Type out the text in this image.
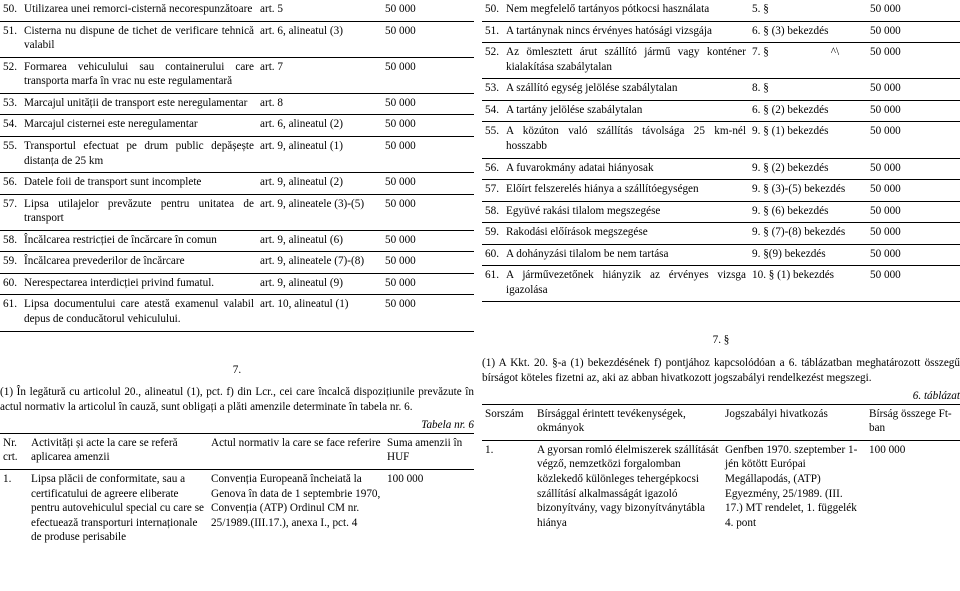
50. Utilizarea unei remorci-cisternă necorespunzătoare	art. 5	50 000

51. Cisterna nu dispune de tichet de verificare tehnică valabil	art. 6, alineatul (3)	50 000

52. Formarea vehiculului sau containerului care transporta marfa în vrac nu este regulamentară	art. 7	50 000

53. Marcajul unității de transport este neregulamentar	art. 8	50 000

54. Marcajul cisternei este neregulamentar	art. 6, alineatul (2)	50 000

55. Transportul efectuat pe drum public depășește distanța de 25 km	art. 9, alineatul (1)	50 000

56. Datele foii de transport sunt incomplete	art. 9, alineatul (2)	50 000

57. Lipsa utilajelor prevăzute pentru unitatea de transport	art. 9, alineatele (3)-(5)	50 000

58. Încălcarea restricției de încărcare în comun	art. 9, alineatul (6)	50 000

59. Încălcarea prevederilor de încărcare	art. 9, alineatele (7)-(8)	50 000

60. Nerespectarea interdicției privind fumatul.	art. 9, alineatul (9)	50 000

61. Lipsa documentului care atestă examenul valabil depus de conducătorul vehiculului.	art. 10, alineatul (1)	50 000
7.
(1) În legătură cu articolul 20., alineatul (1), pct. f) din Lcr., cei care încalcă dispozițiunile prevăzute în actul normativ la articolul în cauză, sunt obligați a plăti amenzile determinate în tabela nr. 6.
Tabela nr. 6
Nr. crt.	Activități și acte la care se referă aplicarea amenzii	Actul normativ la care se face referire	Suma amenzii în HUF
1.	Lipsa plăcii de conformitate, sau a certificatului de agreere eliberate pentru autovehiculul special cu care se efectuează transporturi internaționale de produse perisabile	Convenția Europeană încheiată la Genova în data de 1 septembrie 1970, Convenția (ATP) Ordinul CM nr. 25/1989.(III.17.), anexa I., pct. 4	100 000
50. Nem megfelelő tartányos pótkocsi használata	5. §	50 000

51. A tartánynak nincs érvényes hatósági vizsgája	6. § (3) bekezdés	50 000

52. Az ömlesztett árut szállító jármű vagy konténer kialakítása szabálytalan	7. § ^\	50 000

53. A szállító egység jelölése szabálytalan	8. §	50 000

54. A tartány jelölése szabálytalan	6. § (2) bekezdés	50 000

55. A közúton való szállítás távolsága 25 km-nél hosszabb	9. § (1) bekezdés	50 000

56. A fuvarokmány adatai hiányosak	9. § (2) bekezdés	50 000

57. Előírt felszerelés hiánya a szállítóegységen	9. § (3)-(5) bekezdés	50 000

58. Együvé rakási tilalom megszegése	9. § (6) bekezdés	50 000

59. Rakodási előírások megszegése	9. § (7)-(8) bekezdés	50 000

60. A dohányzási tilalom be nem tartása	9. §(9) bekezdés	50 000

61. A járművezetőnek hiányzik az érvényes vizsga igazolása	10. § (1) bekezdés	50 000
7. §
(1) A Kkt. 20. §-a (1) bekezdésének f) pontjához kapcsolódóan a 6. táblázatban meghatározott összegű bírságot köteles fizetni az, aki az abban hivatkozott jogszabályi rendelkezést megszegi.
6. táblázat
Sorszám	Bírsággal érintett tevékenységek, okmányok	Jogszabályi hivatkozás	Bírság összege Ft-ban
1.	A gyorsan romló élelmiszerek szállítását végző, nemzetközi forgalomban közlekedő különleges tehergépkocsi szállításí alkalmasságát igazoló bizonyítvány, vagy bizonyítványtábla hiánya	Genfben 1970. szeptember 1-jén kötött Európai Megállapodás, (ATP) Egyezmény, 25/1989. (III. 17.) MT rendelet, 1. függelék 4. pont	100 000
